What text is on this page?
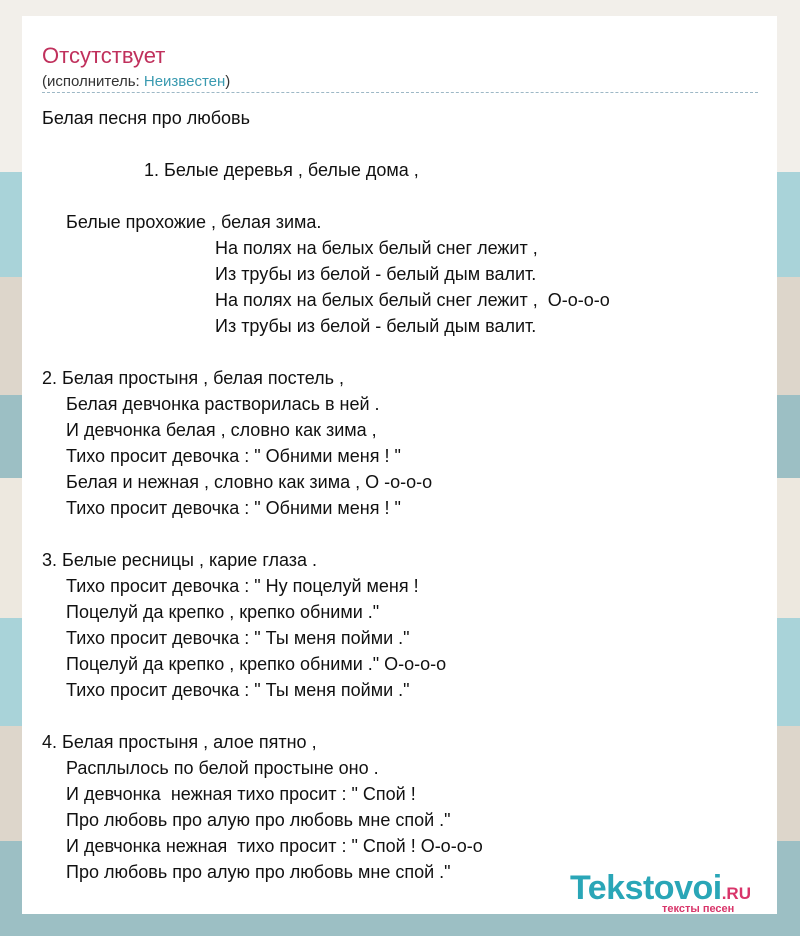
Отсутствует
(исполнитель: Неизвестен)
Белая песня про любовь
1. Белые деревья , белые дома ,
Белые прохожие , белая зима.
На полях на белых белый снег лежит ,
Из трубы из белой - белый дым валит.
На полях на белых белый снег лежит ,  О-о-о-о
Из трубы из белой - белый дым валит.
2. Белая простыня , белая постель ,
Белая девчонка растворилась в ней .
И девчонка белая , словно как зима ,
Тихо просит девочка : " Обними меня ! "
Белая и нежная , словно как зима , О -о-о-о
Тихо просит девочка : " Обними меня ! "
3. Белые ресницы , карие глаза .
Тихо просит девочка : " Ну поцелуй меня !
Поцелуй да крепко , крепко обними ."
Тихо просит девочка : " Ты меня пойми ."
Поцелуй да крепко , крепко обними ." О-о-о-о
Тихо просит девочка : " Ты меня пойми ."
4. Белая простыня , алое пятно ,
Расплылось по белой простыне оно .
И девчонка  нежная тихо просит : " Спой !
Про любовь про алую про любовь мне спой ."
И девчонка нежная  тихо просит : " Спой ! О-о-о-о
Про любовь про алую про любовь мне спой ."	Tekstovoi.RU
тексты песен
